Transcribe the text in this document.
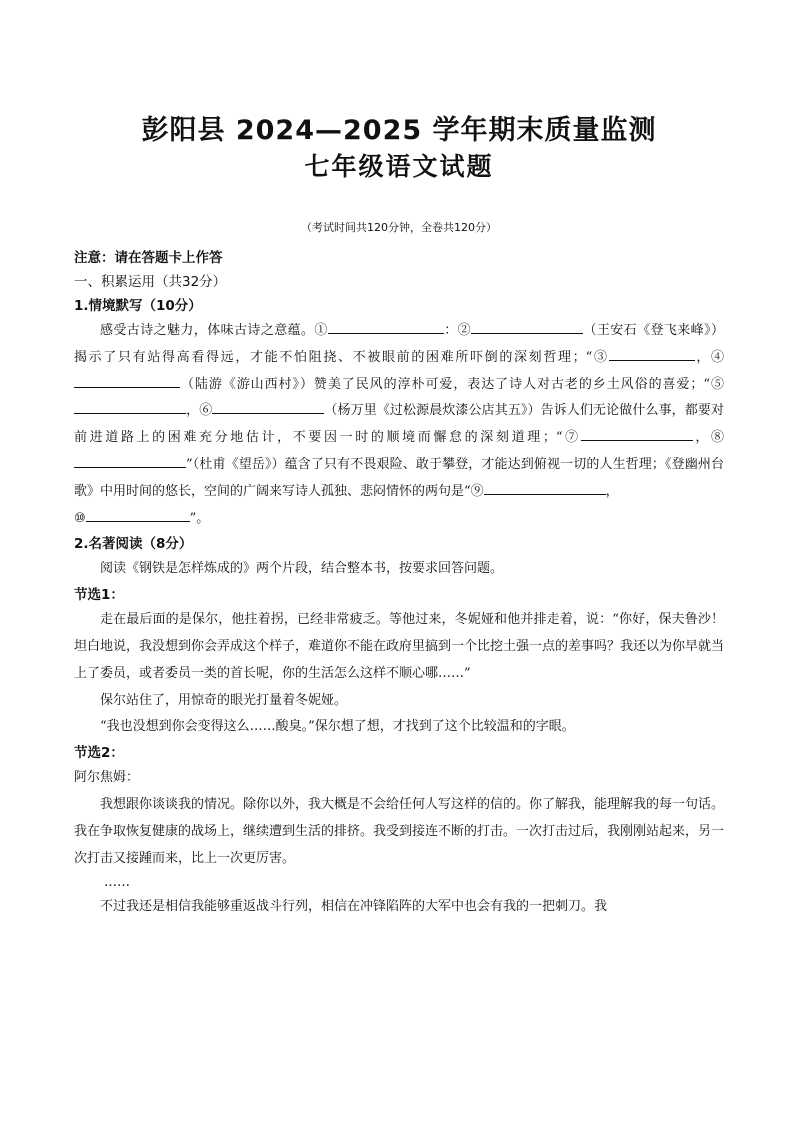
彭阳县 2024—2025 学年期末质量监测
七年级语文试题
（考试时间共120分钟，全卷共120分）

注意：请在答题卡上作答

一、积累运用（共32分）

1.情境默写（10分）

感受古诗之魅力，体味古诗之意蕴。①	：②	（王安石《登飞来峰》）揭示了只有站得高看得远，才能不怕阻挠、不被眼前的困难所吓倒的深刻哲理；“③	，④（陆游《游山西村》）赞美了民风的淳朴可爱，表达了诗人对古老的乡土风俗的喜爱；“⑤，⑥	（杨万里《过松源晨炊漆公店其五》）告诉人们无论做什么事，都要对前进道路上的困难充分地估计，不要因一时的顺境而懈怠的深刻道理；“⑦	，⑧”（杜甫《望岳》）蕴含了只有不畏艰险、敢于攀登，才能达到俯视一切的人生哲理；《登幽州台歌》中用时间的悠长，空间的广阔来写诗人孤独、悲闷情怀的两句是“⑨	，

⑩	”。

2.名著阅读（8分）

阅读《钢铁是怎样炼成的》两个片段，结合整本书，按要求回答问题。

节选1：

走在最后面的是保尔，他拄着拐，已经非常疲乏。等他过来，冬妮娅和他并排走着，说：“你好，保夫鲁沙！坦白地说，我没想到你会弄成这个样子，难道你不能在政府里搞到一个比挖土强一点的差事吗？我还以为你早就当上了委员，或者委员一类的首长呢，你的生活怎么这样不顺心哪……”

保尔站住了，用惊奇的眼光打量着冬妮娅。

“我也没想到你会变得这么……酸臭。”保尔想了想，才找到了这个比较温和的字眼。

节选2：

阿尔焦姆：

我想跟你谈谈我的情况。除你以外，我大概是不会给任何人写这样的信的。你了解我，能理解我的每一句话。我在争取恢复健康的战场上，继续遭到生活的排挤。我受到接连不断的打击。一次打击过后，我刚刚站起来，另一次打击又接踵而来，比上一次更厉害。

……

不过我还是相信我能够重返战斗行列，相信在冲锋陷阵的大军中也会有我的一把刺刀。我
